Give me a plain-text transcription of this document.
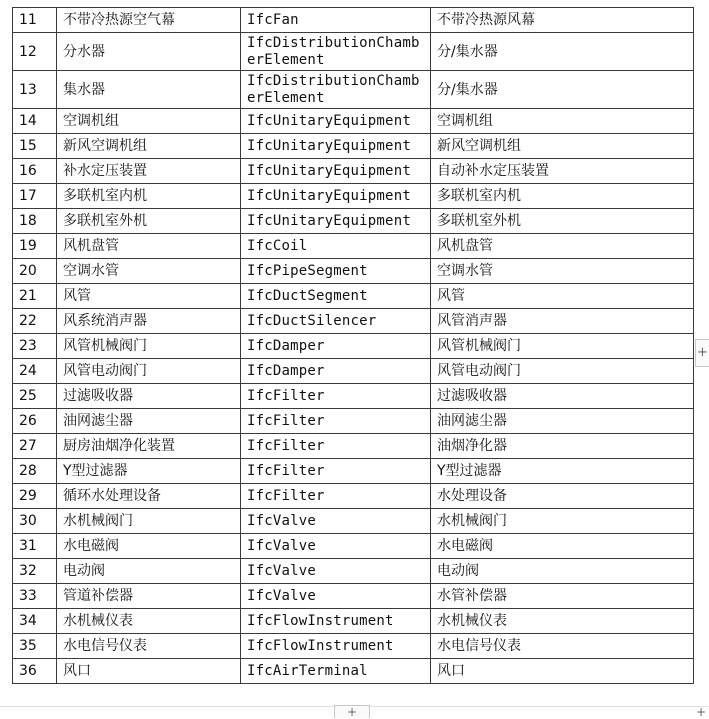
11	不带冷热源空气幕	IfcFan	不带冷热源风幕
12	分水器	IfcDistributionChamberElement	分/集水器
13	集水器	IfcDistributionChamberElement	分/集水器
14	空调机组	IfcUnitaryEquipment	空调机组
15	新风空调机组	IfcUnitaryEquipment	新风空调机组
16	补水定压装置	IfcUnitaryEquipment	自动补水定压装置
17	多联机室内机	IfcUnitaryEquipment	多联机室内机
18	多联机室外机	IfcUnitaryEquipment	多联机室外机
19	风机盘管	IfcCoil	风机盘管
20	空调水管	IfcPipeSegment	空调水管
21	风管	IfcDuctSegment	风管
22	风系统消声器	IfcDuctSilencer	风管消声器
23	风管机械阀门	IfcDamper	风管机械阀门
24	风管电动阀门	IfcDamper	风管电动阀门
25	过滤吸收器	IfcFilter	过滤吸收器
26	油网滤尘器	IfcFilter	油网滤尘器
27	厨房油烟净化装置	IfcFilter	油烟净化器
28	Y型过滤器	IfcFilter	Y型过滤器
29	循环水处理设备	IfcFilter	水处理设备
30	水机械阀门	IfcValve	水机械阀门
31	水电磁阀	IfcValve	水电磁阀
32	电动阀	IfcValve	电动阀
33	管道补偿器	IfcValve	水管补偿器
34	水机械仪表	IfcFlowInstrument	水机械仪表
35	水电信号仪表	IfcFlowInstrument	水电信号仪表
36	风口	IfcAirTerminal	风口
+
+	+
